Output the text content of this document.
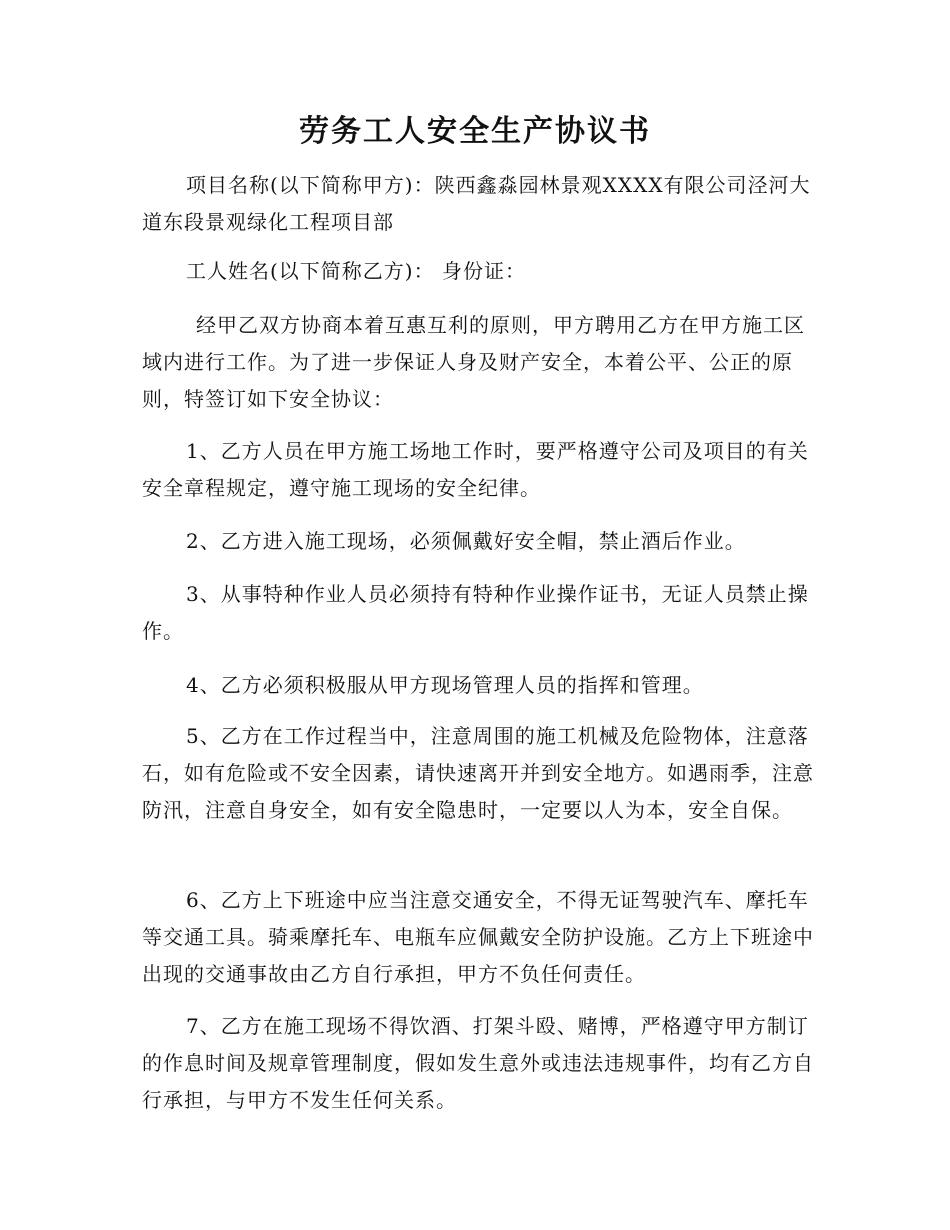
劳务工人安全生产协议书

项目名称(以下简称甲方)：陕西鑫淼园林景观XXXX有限公司泾河大道东段景观绿化工程项目部

工人姓名(以下简称乙方)： 身份证：

经甲乙双方协商本着互惠互利的原则，甲方聘用乙方在甲方施工区域内进行工作。为了进一步保证人身及财产安全，本着公平、公正的原则，特签订如下安全协议：

1、乙方人员在甲方施工场地工作时，要严格遵守公司及项目的有关安全章程规定，遵守施工现场的安全纪律。

2、乙方进入施工现场，必须佩戴好安全帽，禁止酒后作业。

3、从事特种作业人员必须持有特种作业操作证书，无证人员禁止操作。

4、乙方必须积极服从甲方现场管理人员的指挥和管理。

5、乙方在工作过程当中，注意周围的施工机械及危险物体，注意落石，如有危险或不安全因素，请快速离开并到安全地方。如遇雨季，注意防汛，注意自身安全，如有安全隐患时，一定要以人为本，安全自保。

6、乙方上下班途中应当注意交通安全，不得无证驾驶汽车、摩托车等交通工具。骑乘摩托车、电瓶车应佩戴安全防护设施。乙方上下班途中出现的交通事故由乙方自行承担，甲方不负任何责任。

7、乙方在施工现场不得饮酒、打架斗殴、赌博，严格遵守甲方制订的作息时间及规章管理制度，假如发生意外或违法违规事件，均有乙方自行承担，与甲方不发生任何关系。
